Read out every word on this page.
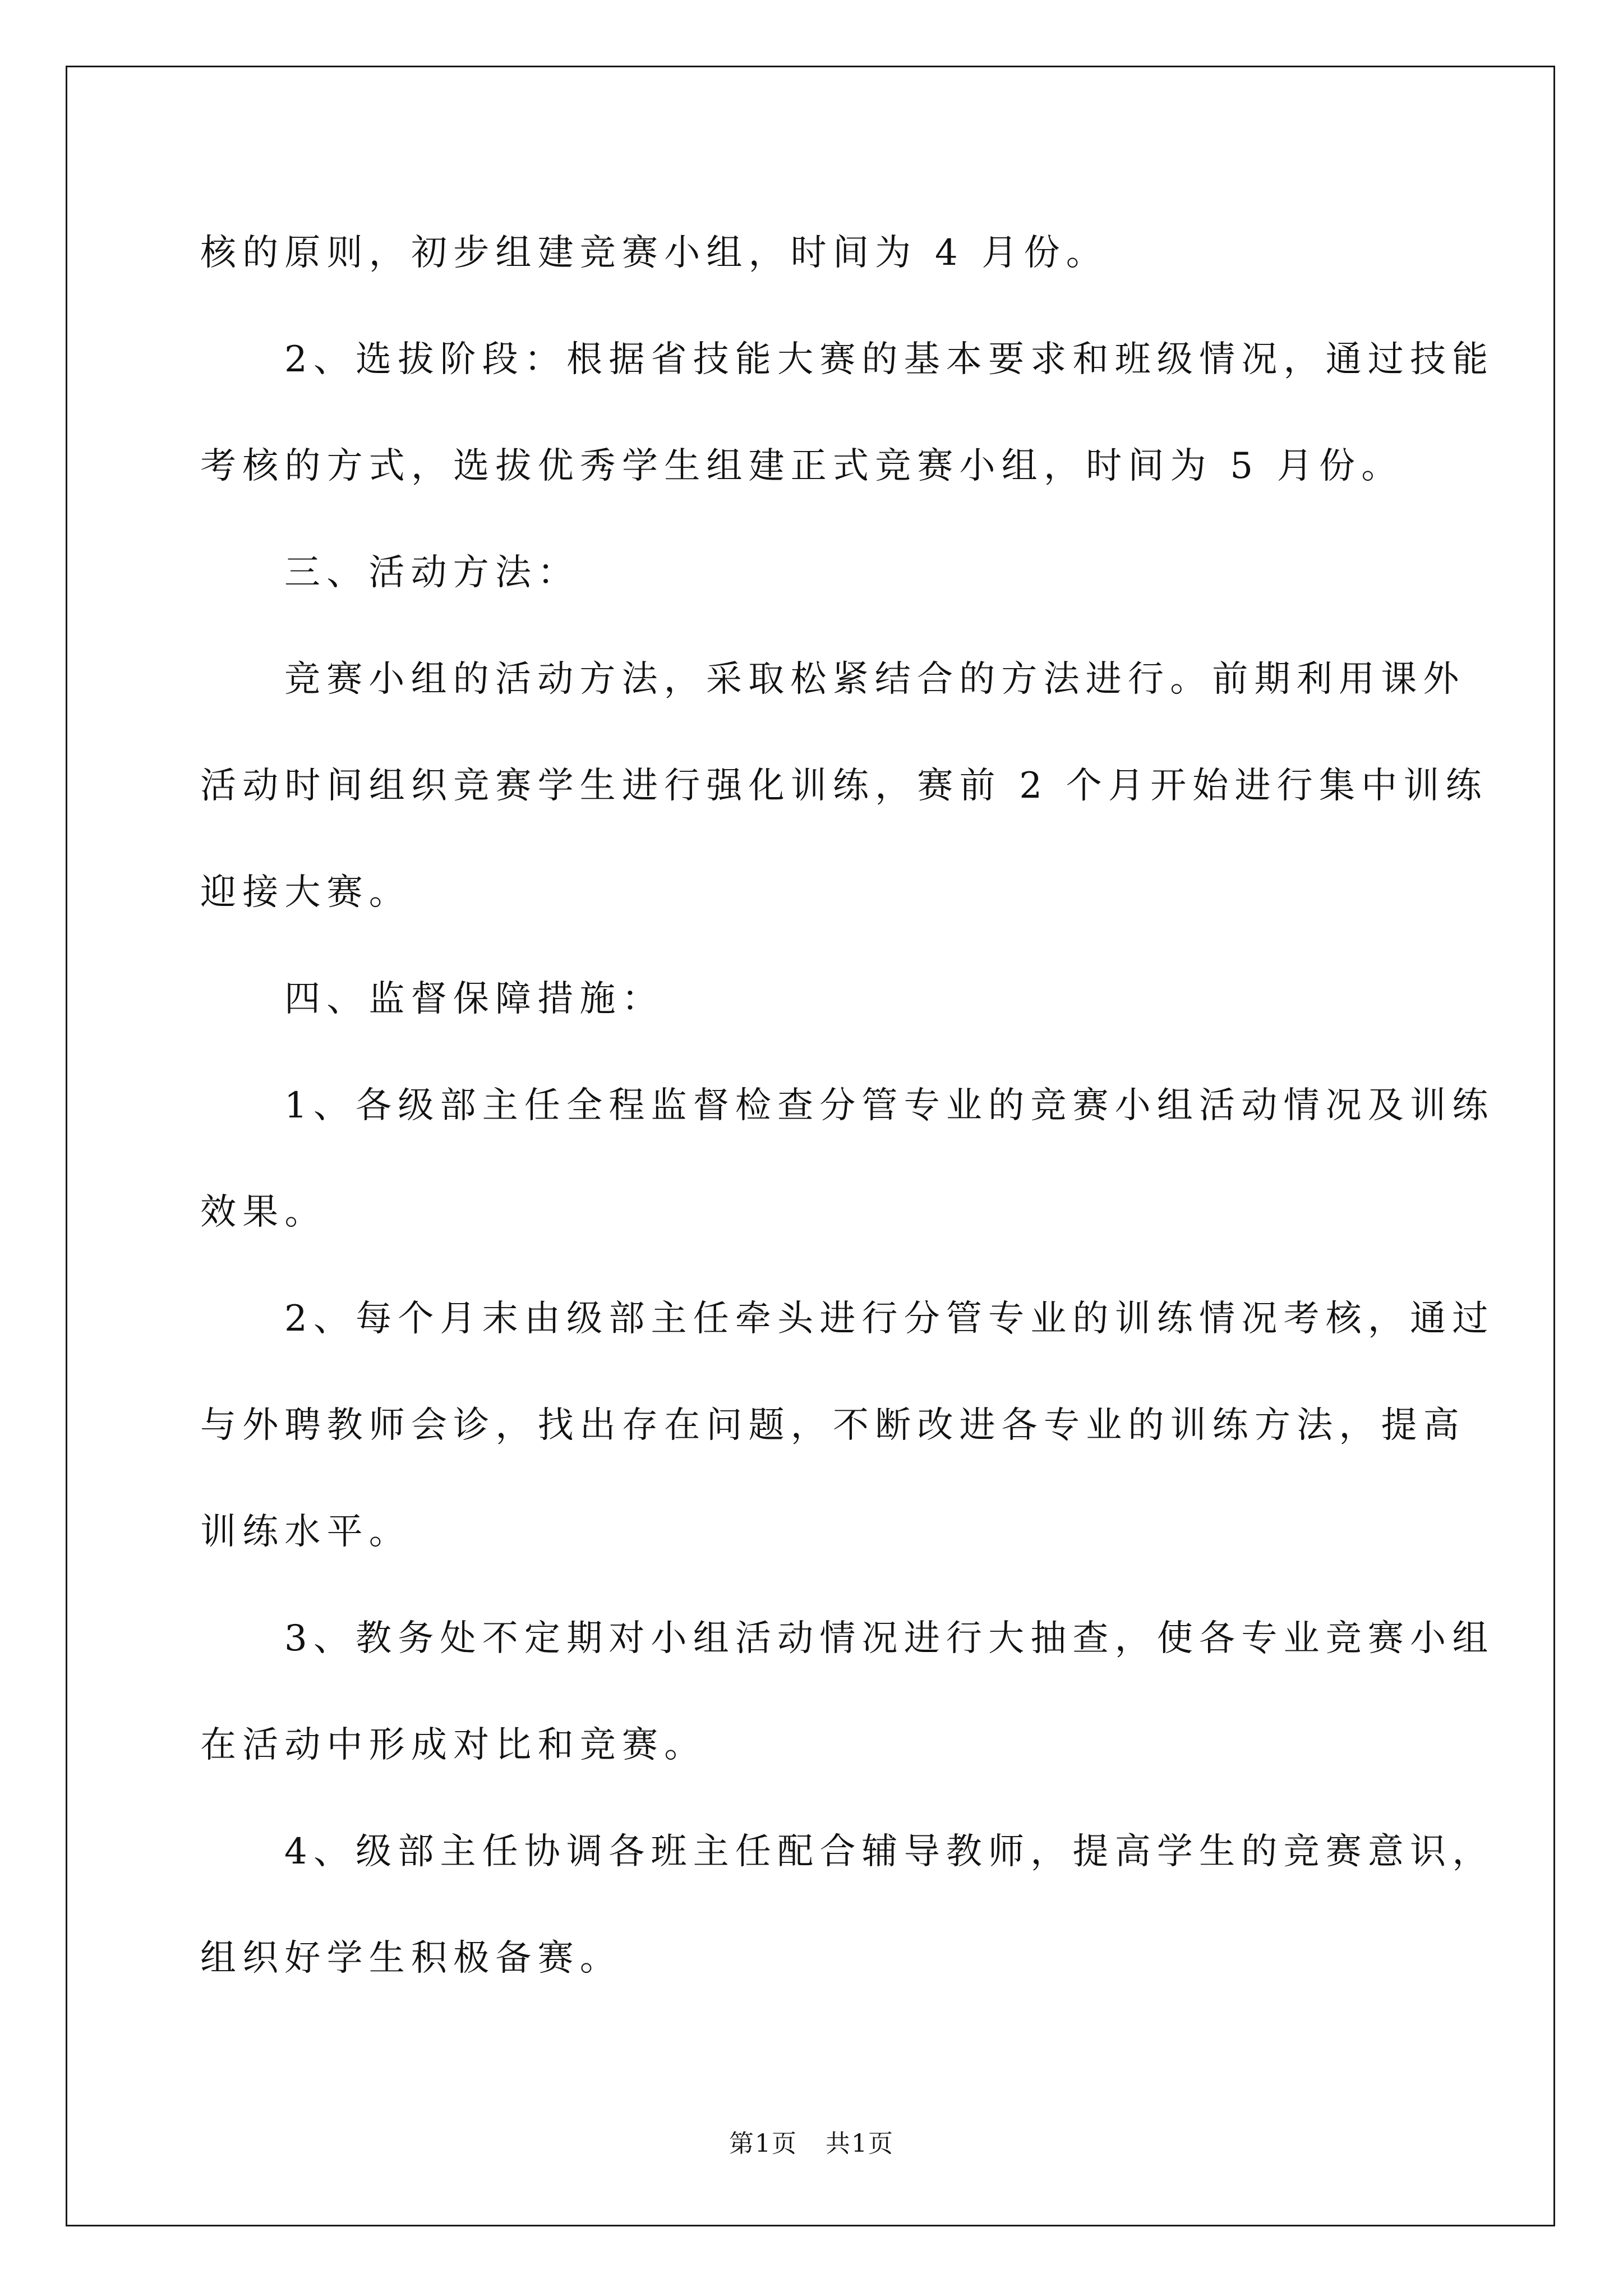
核的原则，初步组建竞赛小组，时间为 4 月份。

2、选拔阶段：根据省技能大赛的基本要求和班级情况，通过技能

考核的方式，选拔优秀学生组建正式竞赛小组，时间为 5 月份。

三、活动方法：

竞赛小组的活动方法，采取松紧结合的方法进行。前期利用课外

活动时间组织竞赛学生进行强化训练，赛前 2 个月开始进行集中训练

迎接大赛。

四、监督保障措施：

1、各级部主任全程监督检查分管专业的竞赛小组活动情况及训练

效果。

2、每个月末由级部主任牵头进行分管专业的训练情况考核，通过

与外聘教师会诊，找出存在问题，不断改进各专业的训练方法，提高

训练水平。

3、教务处不定期对小组活动情况进行大抽查，使各专业竞赛小组

在活动中形成对比和竞赛。

4、级部主任协调各班主任配合辅导教师，提高学生的竞赛意识，

组织好学生积极备赛。

第1页 共1页
